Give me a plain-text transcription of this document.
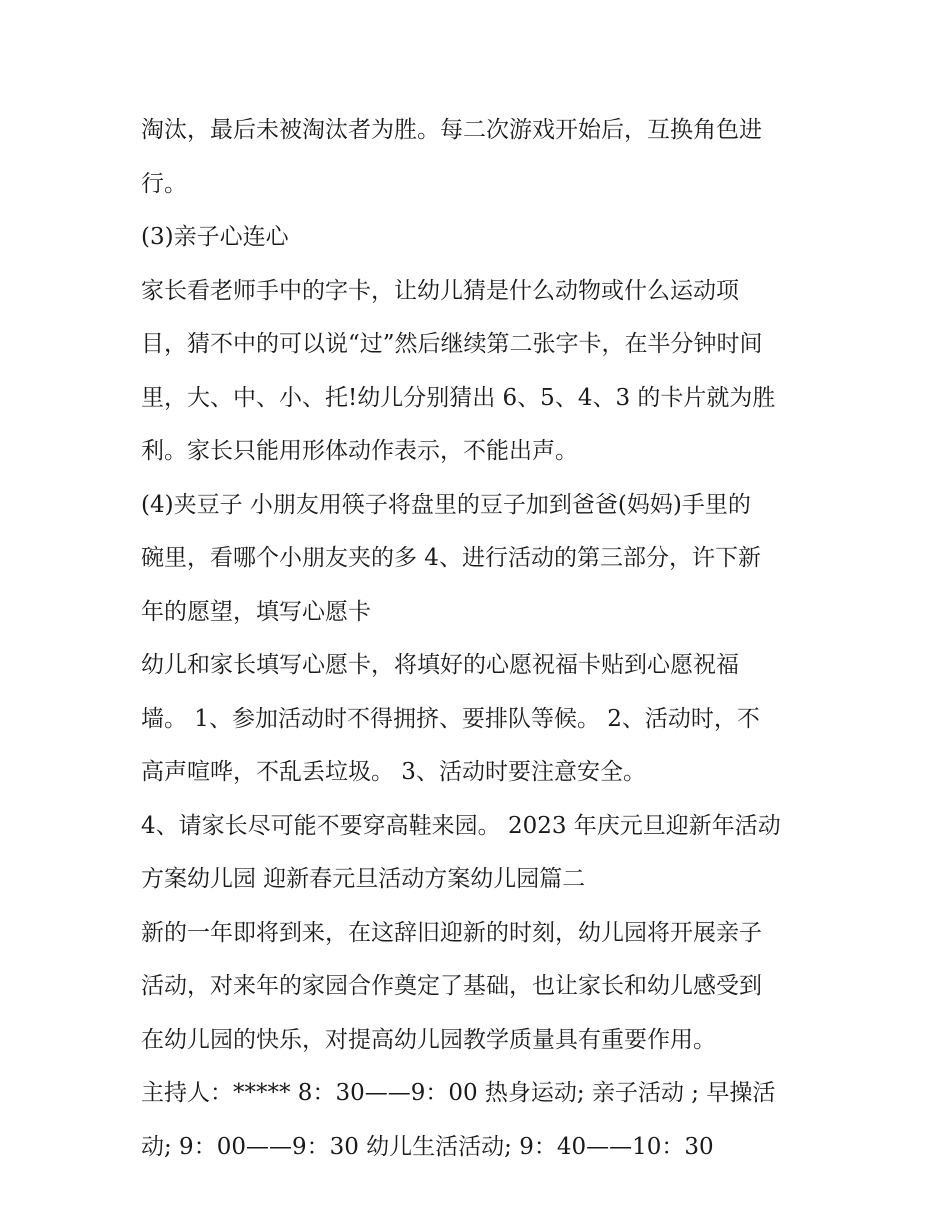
淘汰，最后未被淘汰者为胜。每二次游戏开始后，互换角色进
行。
(3)亲子心连心
家长看老师手中的字卡，让幼儿猜是什么动物或什么运动项
目，猜不中的可以说“过”然后继续第二张字卡，在半分钟时间
里，大、中、小、托!幼儿分别猜出 6、5、4、3 的卡片就为胜
利。家长只能用形体动作表示，不能出声。
(4)夹豆子 小朋友用筷子将盘里的豆子加到爸爸(妈妈)手里的
碗里，看哪个小朋友夹的多 4、进行活动的第三部分，许下新
年的愿望，填写心愿卡
幼儿和家长填写心愿卡，将填好的心愿祝福卡贴到心愿祝福
墙。 1、参加活动时不得拥挤、要排队等候。 2、活动时，不
高声喧哗，不乱丢垃圾。 3、活动时要注意安全。
4、请家长尽可能不要穿高鞋来园。 2023 年庆元旦迎新年活动
方案幼儿园 迎新春元旦活动方案幼儿园篇二
新的一年即将到来，在这辞旧迎新的时刻，幼儿园将开展亲子
活动，对来年的家园合作奠定了基础，也让家长和幼儿感受到
在幼儿园的快乐，对提高幼儿园教学质量具有重要作用。
主持人：***** 8：30——9：00 热身运动; 亲子活动 ; 早操活
动; 9：00——9：30 幼儿生活活动; 9：40——10：30
